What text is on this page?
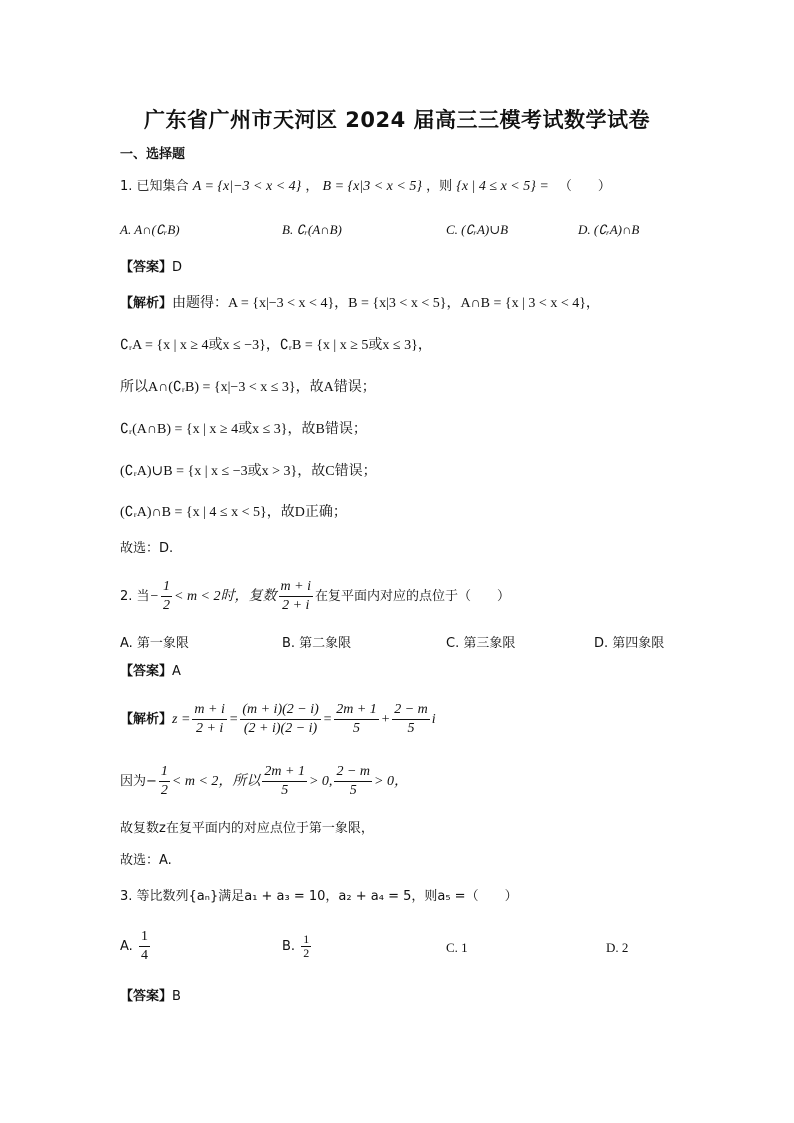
广东省广州市天河区 2024 届高三三模考试数学试卷
一、选择题
1. 已知集合 A = {x|−3 < x < 4} ， B = {x|3 < x < 5} ，则 {x | 4 ≤ x < 5} = （　　）
A. A∩(∁ᵣB)	B. ∁ᵣ(A∩B)	C. (∁ᵣA)∪B	D. (∁ᵣA)∩B
【答案】D
【解析】由题得：A = {x|−3 < x < 4}，B = {x|3 < x < 5}，A∩B = {x | 3 < x < 4}，
∁ᵣA = {x | x ≥ 4或x ≤ −3}，∁ᵣB = {x | x ≥ 5或x ≤ 3}，
所以A∩(∁ᵣB) = {x|−3 < x ≤ 3}，故A错误；
∁ᵣ(A∩B) = {x | x ≥ 4或x ≤ 3}，故B错误；
(∁ᵣA)∪B = {x | x ≤ −3或x > 3}，故C错误；
(∁ᵣA)∩B = {x | 4 ≤ x < 5}，故D正确；
故选：D.
2. 当− $\frac{1}{2} < m < 2$时，复数 $\frac{m + i}{2 + i}$ 在复平面内对应的点位于（　　）
A. 第一象限	B. 第二象限	C. 第三象限	D. 第四象限
【答案】A
【解析】$z = \frac{m + i}{2 + i} = \frac{(m + i)(2 - i)}{(2 + i)(2 - i)} = \frac{2m + 1}{5} + \frac{2 - m}{5}$ i
因为− $\frac{1}{2} < m < 2$，所以 $\frac{2m + 1}{5} > 0$, $\frac{2 - m}{5} > 0$，
故复数z在复平面内的对应点位于第一象限，
故选：A.
3. 等比数列{aₙ}满足a₁ + a₃ = 10，a₂ + a₄ = 5，则a₅ =（　　）
A. $\frac{1}{4}$	B. $\frac{1}{2}$	C. 1	D. 2
【答案】B
